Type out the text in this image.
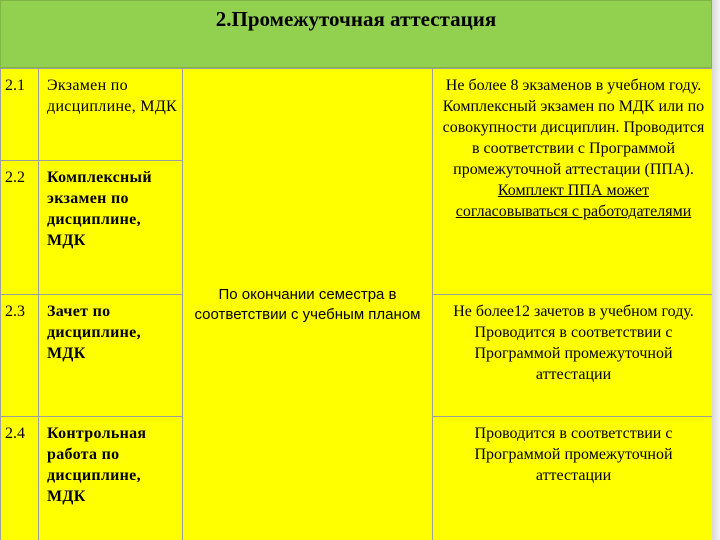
2.Промежуточная аттестация
2.1	Экзамен по дисциплине, МДК	По окончании семестра в соответствии с учебным планом	Не более 8 экзаменов в учебном году. Комплексный экзамен по МДК или по совокупности дисциплин. Проводится в соответствии с Программой промежуточной аттестации (ППА). Комплект ППА может согласовываться с работодателями
2.2	Комплексный экзамен по дисциплине, МДК		
2.3	Зачет по дисциплине, МДК		Не более12 зачетов в учебном году. Проводится в соответствии с Программой промежуточной аттестации
2.4	Контрольная работа по дисциплине, МДК		Проводится в соответствии с Программой промежуточной аттестации
